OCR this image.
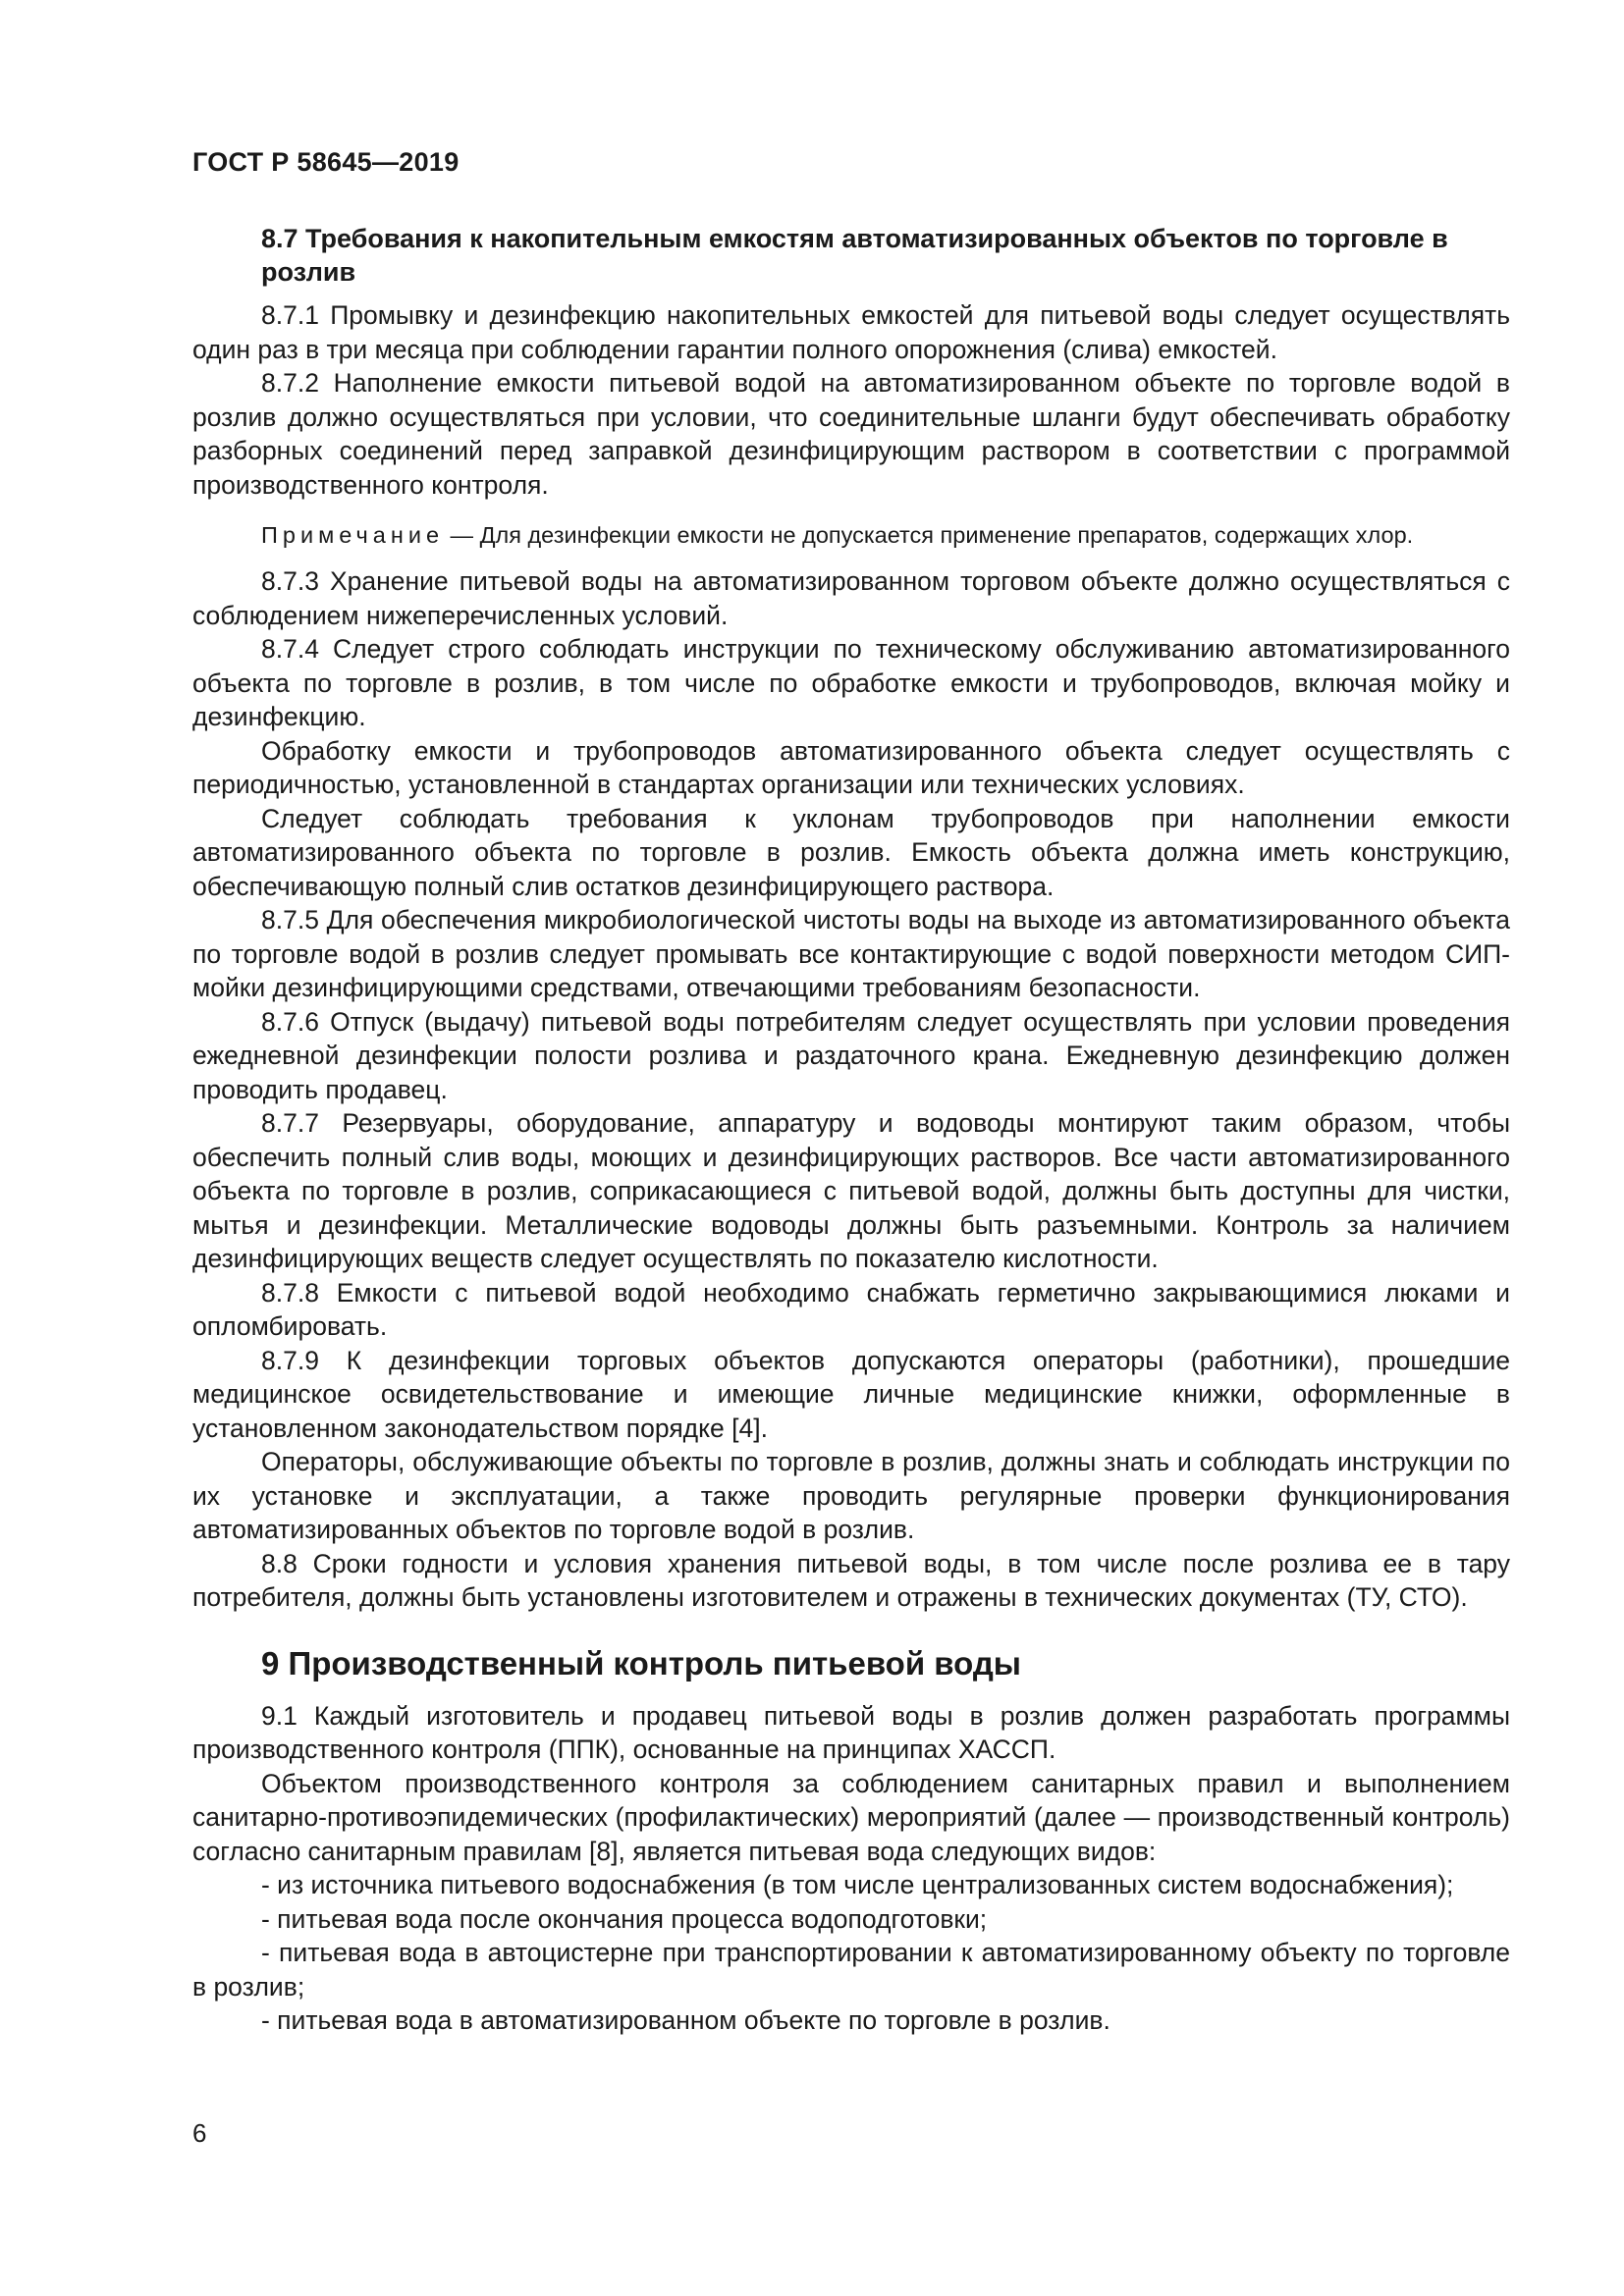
ГОСТ Р 58645—2019
8.7 Требования к накопительным емкостям автоматизированных объектов по торговле в розлив

8.7.1 Промывку и дезинфекцию накопительных емкостей для питьевой воды следует осуществлять один раз в три месяца при соблюдении гарантии полного опорожнения (слива) емкостей.

8.7.2 Наполнение емкости питьевой водой на автоматизированном объекте по торговле водой в розлив должно осуществляться при условии, что соединительные шланги будут обеспечивать обработку разборных соединений перед заправкой дезинфицирующим раствором в соответствии с программой производственного контроля.

Примечание — Для дезинфекции емкости не допускается применение препаратов, содержащих хлор.

8.7.3 Хранение питьевой воды на автоматизированном торговом объекте должно осуществляться с соблюдением нижеперечисленных условий.

8.7.4 Следует строго соблюдать инструкции по техническому обслуживанию автоматизированного объекта по торговле в розлив, в том числе по обработке емкости и трубопроводов, включая мойку и дезинфекцию.

Обработку емкости и трубопроводов автоматизированного объекта следует осуществлять с периодичностью, установленной в стандартах организации или технических условиях.

Следует соблюдать требования к уклонам трубопроводов при наполнении емкости автоматизированного объекта по торговле в розлив. Емкость объекта должна иметь конструкцию, обеспечивающую полный слив остатков дезинфицирующего раствора.

8.7.5 Для обеспечения микробиологической чистоты воды на выходе из автоматизированного объекта по торговле водой в розлив следует промывать все контактирующие с водой поверхности методом СИП-мойки дезинфицирующими средствами, отвечающими требованиям безопасности.

8.7.6 Отпуск (выдачу) питьевой воды потребителям следует осуществлять при условии проведения ежедневной дезинфекции полости розлива и раздаточного крана. Ежедневную дезинфекцию должен проводить продавец.

8.7.7 Резервуары, оборудование, аппаратуру и водоводы монтируют таким образом, чтобы обеспечить полный слив воды, моющих и дезинфицирующих растворов. Все части автоматизированного объекта по торговле в розлив, соприкасающиеся с питьевой водой, должны быть доступны для чистки, мытья и дезинфекции. Металлические водоводы должны быть разъемными. Контроль за наличием дезинфицирующих веществ следует осуществлять по показателю кислотности.

8.7.8 Емкости с питьевой водой необходимо снабжать герметично закрывающимися люками и опломбировать.

8.7.9 К дезинфекции торговых объектов допускаются операторы (работники), прошедшие медицинское освидетельствование и имеющие личные медицинские книжки, оформленные в установленном законодательством порядке [4].

Операторы, обслуживающие объекты по торговле в розлив, должны знать и соблюдать инструкции по их установке и эксплуатации, а также проводить регулярные проверки функционирования автоматизированных объектов по торговле водой в розлив.

8.8 Сроки годности и условия хранения питьевой воды, в том числе после розлива ее в тару потребителя, должны быть установлены изготовителем и отражены в технических документах (ТУ, СТО).

9 Производственный контроль питьевой воды

9.1 Каждый изготовитель и продавец питьевой воды в розлив должен разработать программы производственного контроля (ППК), основанные на принципах ХАССП.

Объектом производственного контроля за соблюдением санитарных правил и выполнением санитарно-противоэпидемических (профилактических) мероприятий (далее — производственный контроль) согласно санитарным правилам [8], является питьевая вода следующих видов:

- из источника питьевого водоснабжения (в том числе централизованных систем водоснабжения);

- питьевая вода после окончания процесса водоподготовки;

- питьевая вода в автоцистерне при транспортировании к автоматизированному объекту по торговле в розлив;

- питьевая вода в автоматизированном объекте по торговле в розлив.

6
